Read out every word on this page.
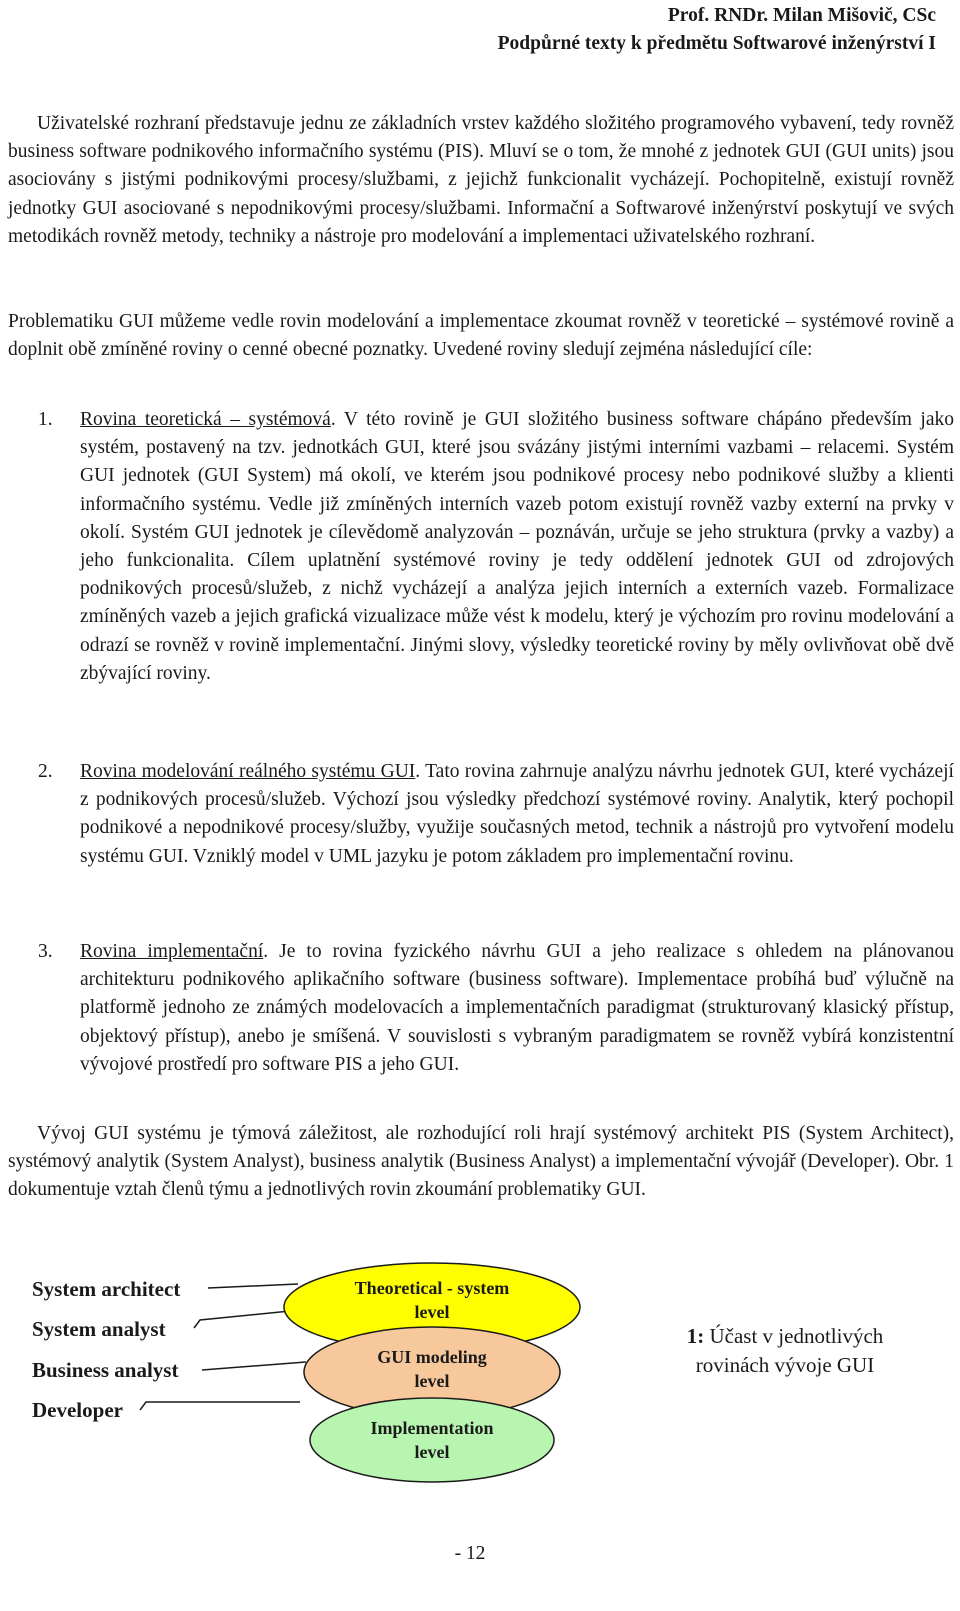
Prof. RNDr. Milan Mišovič, CSc
Podpůrné texty k předmětu Softwarové inženýrství I

Uživatelské rozhraní představuje jednu ze základních vrstev každého složitého programového vybavení, tedy rovněž business software podnikového informačního systému (PIS). Mluví se o tom, že mnohé z jednotek GUI (GUI units) jsou asociovány s jistými podnikovými procesy/službami, z jejichž funkcionalit vycházejí. Pochopitelně, existují rovněž jednotky GUI asociované s nepodnikovými procesy/službami. Informační a Softwarové inženýrství poskytují ve svých metodikách rovněž metody, techniky a nástroje pro modelování a implementaci uživatelského rozhraní.

Problematiku GUI můžeme vedle rovin modelování a implementace zkoumat rovněž v teoretické – systémové rovině a doplnit obě zmíněné roviny o cenné obecné poznatky. Uvedené roviny sledují zejména následující cíle:

1. Rovina teoretická – systémová. V této rovině je GUI složitého business software chápáno především jako systém, postavený na tzv. jednotkách GUI, které jsou svázány jistými interními vazbami – relacemi. Systém GUI jednotek (GUI System) má okolí, ve kterém jsou podnikové procesy nebo podnikové služby a klienti informačního systému. Vedle již zmíněných interních vazeb potom existují rovněž vazby externí na prvky v okolí. Systém GUI jednotek je cílevědomě analyzován – poznáván, určuje se jeho struktura (prvky a vazby) a jeho funkcionalita. Cílem uplatnění systémové roviny je tedy oddělení jednotek GUI od zdrojových podnikových procesů/služeb, z nichž vycházejí a analýza jejich interních a externích vazeb. Formalizace zmíněných vazeb a jejich grafická vizualizace může vést k modelu, který je výchozím pro rovinu modelování a odrazí se rovněž v rovině implementační. Jinými slovy, výsledky teoretické roviny by měly ovlivňovat obě dvě zbývající roviny.

2. Rovina modelování reálného systému GUI. Tato rovina zahrnuje analýzu návrhu jednotek GUI, které vycházejí z podnikových procesů/služeb. Výchozí jsou výsledky předchozí systémové roviny. Analytik, který pochopil podnikové a nepodnikové procesy/služby, využije současných metod, technik a nástrojů pro vytvoření modelu systému GUI. Vzniklý model v UML jazyku je potom základem pro implementační rovinu.

3. Rovina implementační. Je to rovina fyzického návrhu GUI a jeho realizace s ohledem na plánovanou architekturu podnikového aplikačního software (business software). Implementace probíhá buď výlučně na platformě jednoho ze známých modelovacích a implementačních paradigmat (strukturovaný klasický přístup, objektový přístup), anebo je smíšená. V souvislosti s vybraným paradigmatem se rovněž vybírá konzistentní vývojové prostředí pro software PIS a jeho GUI.

Vývoj GUI systému je týmová záležitost, ale rozhodující roli hrají systémový architekt PIS (System Architect), systémový analytik (System Analyst), business analytik (Business Analyst) a implementační vývojář (Developer). Obr. 1 dokumentuje vztah členů týmu a jednotlivých rovin zkoumání problematiky GUI.

System architect
System analyst
Business analyst
Developer
Theoretical - system
level
GUI modeling
level
Implementation
level
1: Účast v jednotlivých
rovinách vývoje GUI
- 12
